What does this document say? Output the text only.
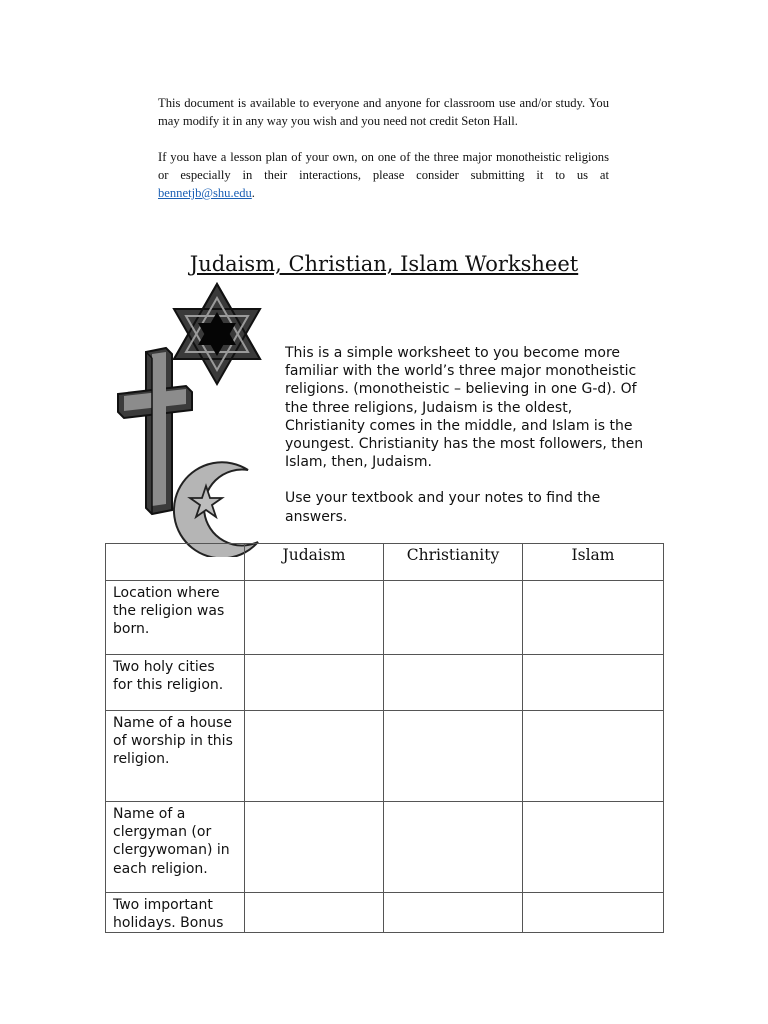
This document is available to everyone and anyone for classroom use and/or study. You may modify it in any way you wish and you need not credit Seton Hall.

If you have a lesson plan of your own, on one of the three major monotheistic religions or especially in their interactions, please consider submitting it to us at bennetjb@shu.edu.

Judaism, Christian, Islam Worksheet

This is a simple worksheet to you become more familiar with the world’s three major monotheistic religions. (monotheistic – believing in one G-d). Of the three religions, Judaism is the oldest, Christianity comes in the middle, and Islam is the youngest. Christianity has the most followers, then Islam, then, Judaism.

Use your textbook and your notes to find the answers.

	Judaism	Christianity	Islam
Location where the religion was born.			
Two holy cities for this religion.			
Name of a house of worship in this religion.			
Name of a clergyman (or clergywoman) in each religion.			
Two important holidays. Bonus			
